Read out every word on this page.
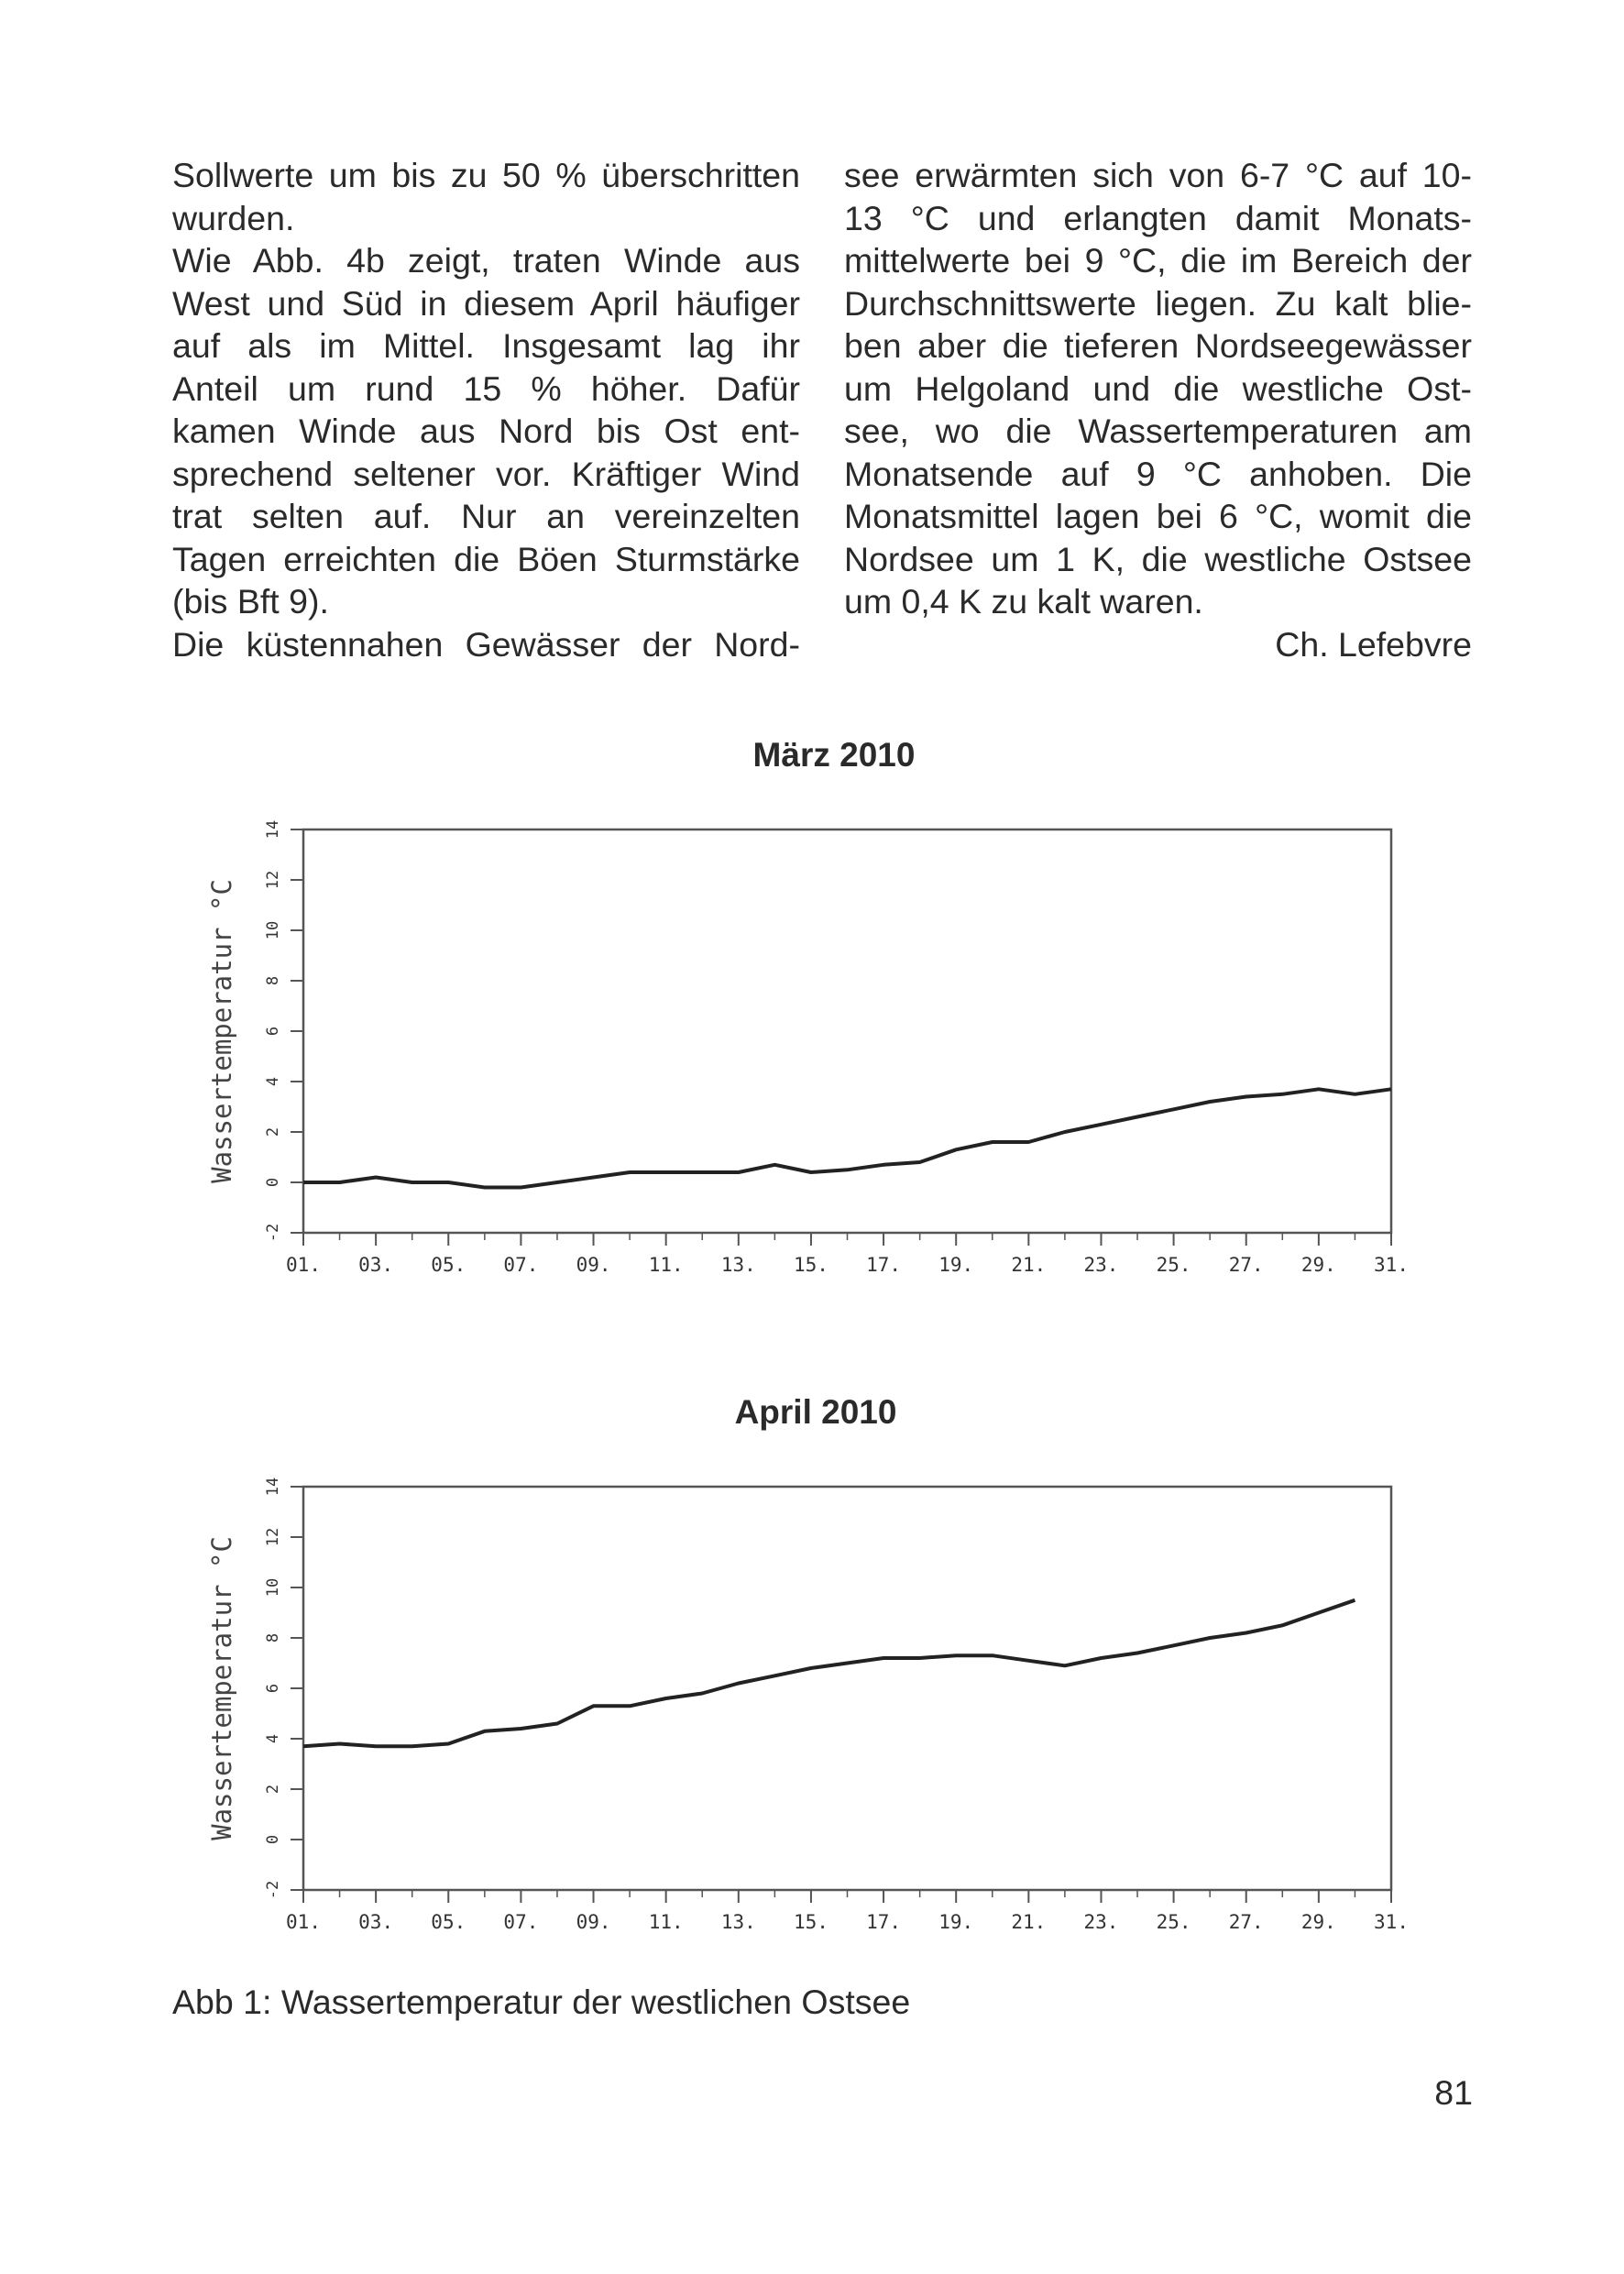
Sollwerte um bis zu 50 % überschritten

wurden.

Wie Abb. 4b zeigt, traten Winde aus

West und Süd in diesem April häufiger

auf als im Mittel. Insgesamt lag ihr

Anteil um rund 15 % höher. Dafür

kamen Winde aus Nord bis Ost ent-

sprechend seltener vor. Kräftiger Wind

trat selten auf. Nur an vereinzelten

Tagen erreichten die Böen Sturmstärke

(bis Bft 9).

Die küstennahen Gewässer der Nord-

see erwärmten sich von 6-7 °C auf 10-

13 °C und erlangten damit Monats-

mittelwerte bei 9 °C, die im Bereich der

Durchschnittswerte liegen. Zu kalt blie-

ben aber die tieferen Nordseegewässer

um Helgoland und die westliche Ost-

see, wo die Wassertemperaturen am

Monatsende auf 9 °C anhoben. Die

Monatsmittel lagen bei 6 °C, womit die

Nordsee um 1 K, die westliche Ostsee

um 0,4 K zu kalt waren.

Ch. Lefebvre

März 2010
14
12
10
8
6
4
2
0
-2
Wassertemperatur °C
01. 03. 05. 07. 09. 11. 13. 15. 17. 19. 21. 23. 25. 27. 29. 31.
April 2010
14
12
10
8
6
4
2
0
-2
Wassertemperatur °C
01. 03. 05. 07. 09. 11. 13. 15. 17. 19. 21. 23. 25. 27. 29. 31.

Abb 1: Wassertemperatur der westlichen Ostsee

81
